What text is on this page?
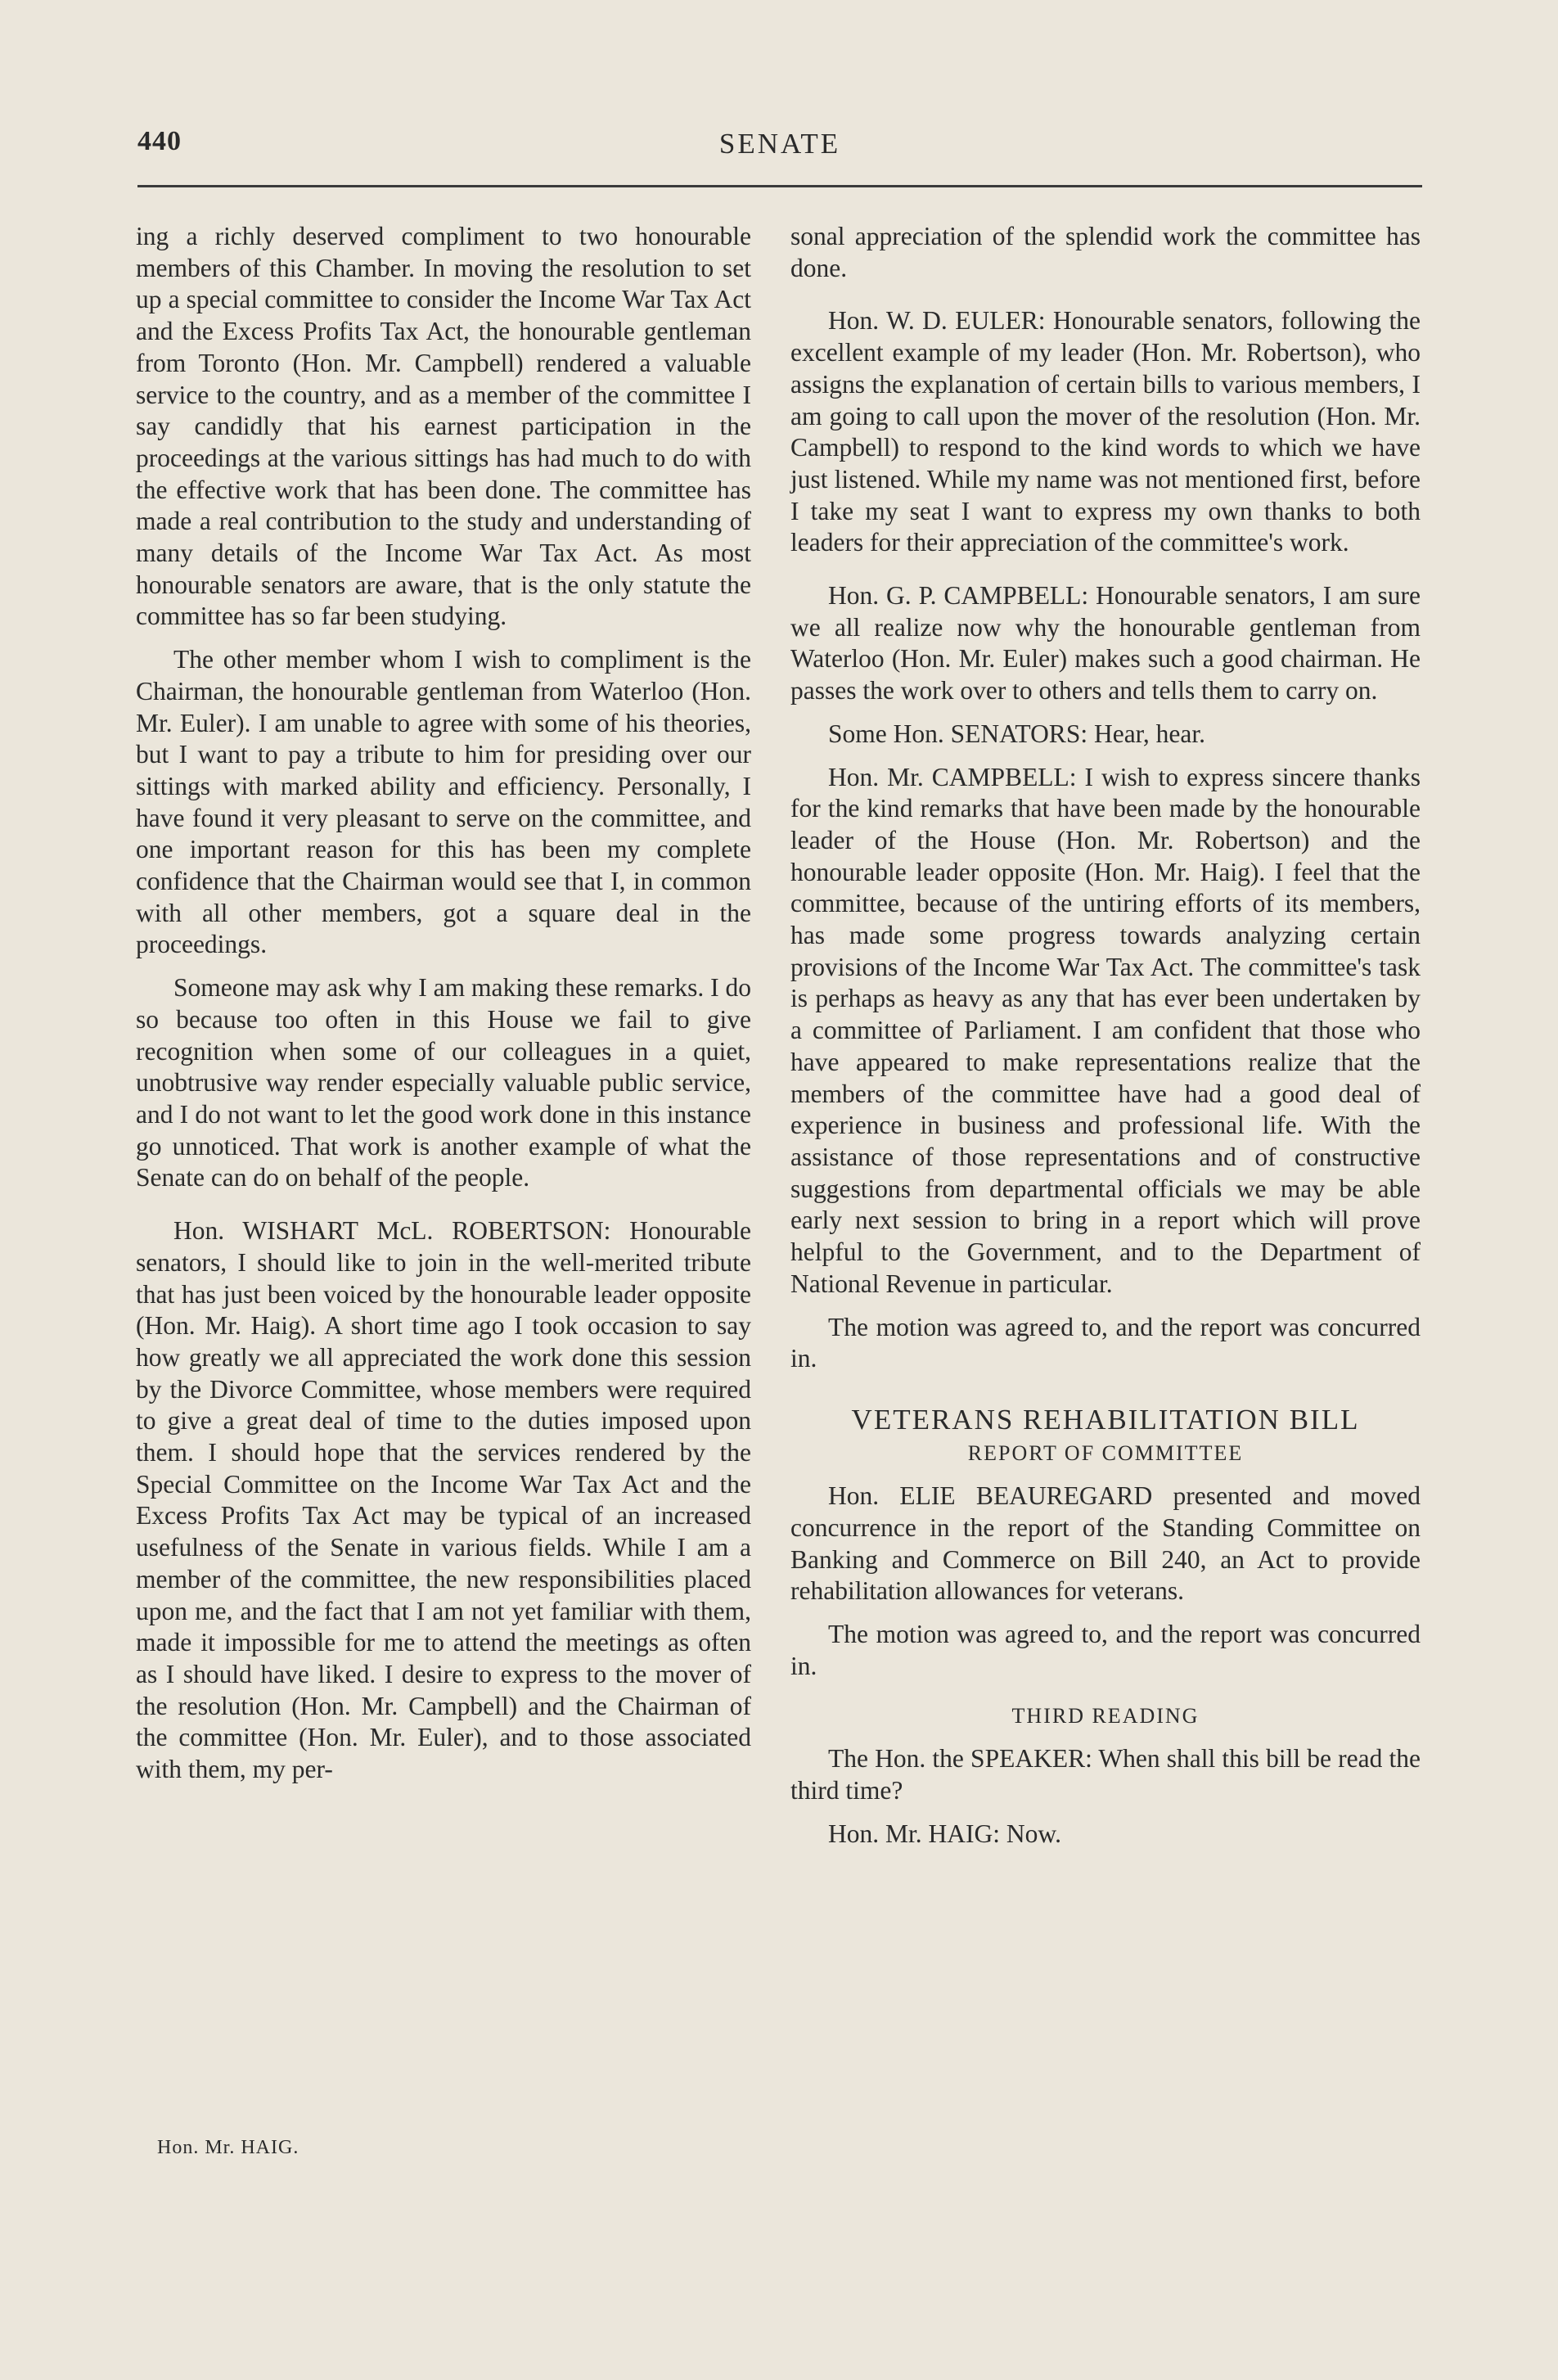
440	SENATE

ing a richly deserved compliment to two honourable members of this Chamber. In moving the resolution to set up a special committee to consider the Income War Tax Act and the Excess Profits Tax Act, the honourable gentleman from Toronto (Hon. Mr. Campbell) rendered a valuable service to the country, and as a member of the committee I say candidly that his earnest participation in the proceedings at the various sittings has had much to do with the effective work that has been done. The committee has made a real contribution to the study and understanding of many details of the Income War Tax Act. As most honourable senators are aware, that is the only statute the committee has so far been studying.

The other member whom I wish to compliment is the Chairman, the honourable gentleman from Waterloo (Hon. Mr. Euler). I am unable to agree with some of his theories, but I want to pay a tribute to him for presiding over our sittings with marked ability and efficiency. Personally, I have found it very pleasant to serve on the committee, and one important reason for this has been my complete confidence that the Chairman would see that I, in common with all other members, got a square deal in the proceedings.

Someone may ask why I am making these remarks. I do so because too often in this House we fail to give recognition when some of our colleagues in a quiet, unobtrusive way render especially valuable public service, and I do not want to let the good work done in this instance go unnoticed. That work is another example of what the Senate can do on behalf of the people.

Hon. WISHART McL. ROBERTSON: Honourable senators, I should like to join in the well-merited tribute that has just been voiced by the honourable leader opposite (Hon. Mr. Haig). A short time ago I took occasion to say how greatly we all appreciated the work done this session by the Divorce Committee, whose members were required to give a great deal of time to the duties imposed upon them. I should hope that the services rendered by the Special Committee on the Income War Tax Act and the Excess Profits Tax Act may be typical of an increased usefulness of the Senate in various fields. While I am a member of the committee, the new responsibilities placed upon me, and the fact that I am not yet familiar with them, made it impossible for me to attend the meetings as often as I should have liked. I desire to express to the mover of the resolution (Hon. Mr. Campbell) and the Chairman of the committee (Hon. Mr. Euler), and to those associated with them, my per-

Hon. Mr. HAIG.

sonal appreciation of the splendid work the committee has done.

Hon. W. D. EULER: Honourable senators, following the excellent example of my leader (Hon. Mr. Robertson), who assigns the explanation of certain bills to various members, I am going to call upon the mover of the resolution (Hon. Mr. Campbell) to respond to the kind words to which we have just listened. While my name was not mentioned first, before I take my seat I want to express my own thanks to both leaders for their appreciation of the committee's work.

Hon. G. P. CAMPBELL: Honourable senators, I am sure we all realize now why the honourable gentleman from Waterloo (Hon. Mr. Euler) makes such a good chairman. He passes the work over to others and tells them to carry on.

Some Hon. SENATORS: Hear, hear.

Hon. Mr. CAMPBELL: I wish to express sincere thanks for the kind remarks that have been made by the honourable leader of the House (Hon. Mr. Robertson) and the honourable leader opposite (Hon. Mr. Haig). I feel that the committee, because of the untiring efforts of its members, has made some progress towards analyzing certain provisions of the Income War Tax Act. The committee's task is perhaps as heavy as any that has ever been undertaken by a committee of Parliament. I am confident that those who have appeared to make representations realize that the members of the committee have had a good deal of experience in business and professional life. With the assistance of those representations and of constructive suggestions from departmental officials we may be able early next session to bring in a report which will prove helpful to the Government, and to the Department of National Revenue in particular.

The motion was agreed to, and the report was concurred in.

VETERANS REHABILITATION BILL
REPORT OF COMMITTEE

Hon. ELIE BEAUREGARD presented and moved concurrence in the report of the Standing Committee on Banking and Commerce on Bill 240, an Act to provide rehabilitation allowances for veterans.

The motion was agreed to, and the report was concurred in.

THIRD READING

The Hon. the SPEAKER: When shall this bill be read the third time?

Hon. Mr. HAIG: Now.
